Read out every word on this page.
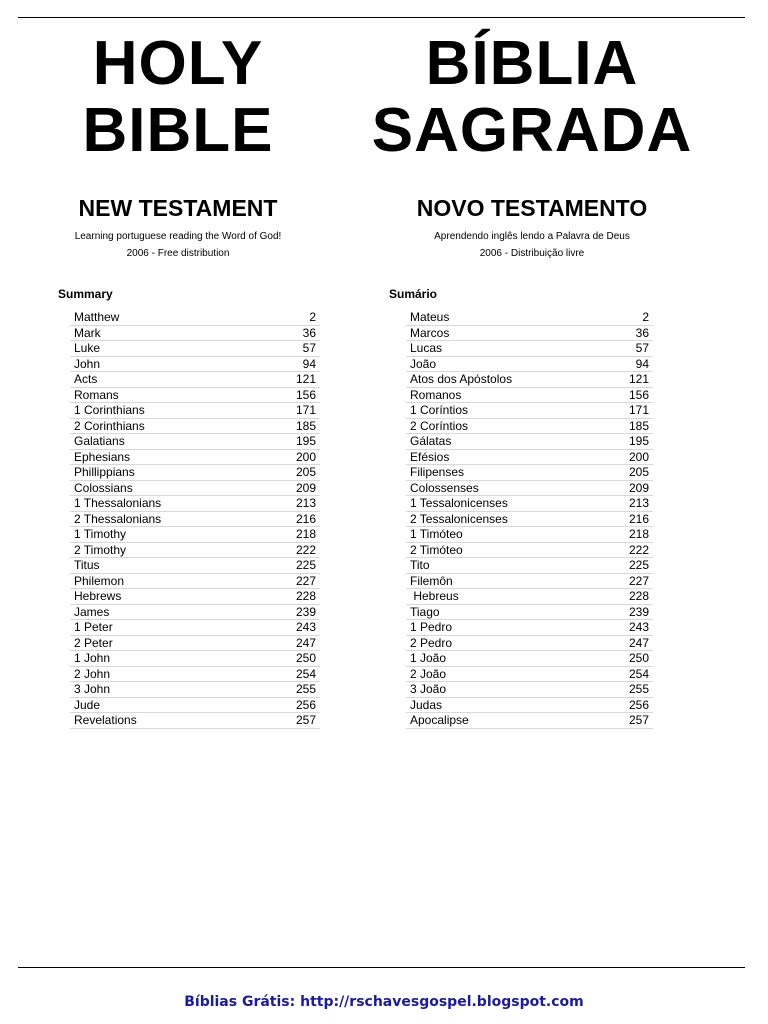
HOLY
BIBLE
NEW TESTAMENT
Learning portuguese reading the Word of God!
2006 - Free distribution
Summary
Matthew	2
Mark	36
Luke	57
John	94
Acts	121
Romans	156
1 Corinthians	171
2 Corinthians	185
Galatians	195
Ephesians	200
Phillippians	205
Colossians	209
1 Thessalonians	213
2 Thessalonians	216
1 Timothy	218
2 Timothy	222
Titus	225
Philemon	227
Hebrews	228
James	239
1 Peter	243
2 Peter	247
1 John	250
2 John	254
3 John	255
Jude	256
Revelations	257
BÍBLIA
SAGRADA
NOVO TESTAMENTO
Aprendendo inglês lendo a Palavra de Deus
2006 - Distribuição livre
Sumário
Mateus	2
Marcos	36
Lucas	57
João	94
Atos dos Apóstolos	121
Romanos	156
1 Coríntios	171
2 Coríntios	185
Gálatas	195
Efésios	200
Filipenses	205
Colossenses	209
1 Tessalonicenses	213
2 Tessalonicenses	216
1 Timóteo	218
2 Timóteo	222
Tito	225
Filemôn	227
Hebreus	228
Tiago	239
1 Pedro	243
2 Pedro	247
1 João	250
2 João	254
3 João	255
Judas	256
Apocalipse	257
Bíblias Grátis: http://rschavesgospel.blogspot.com
